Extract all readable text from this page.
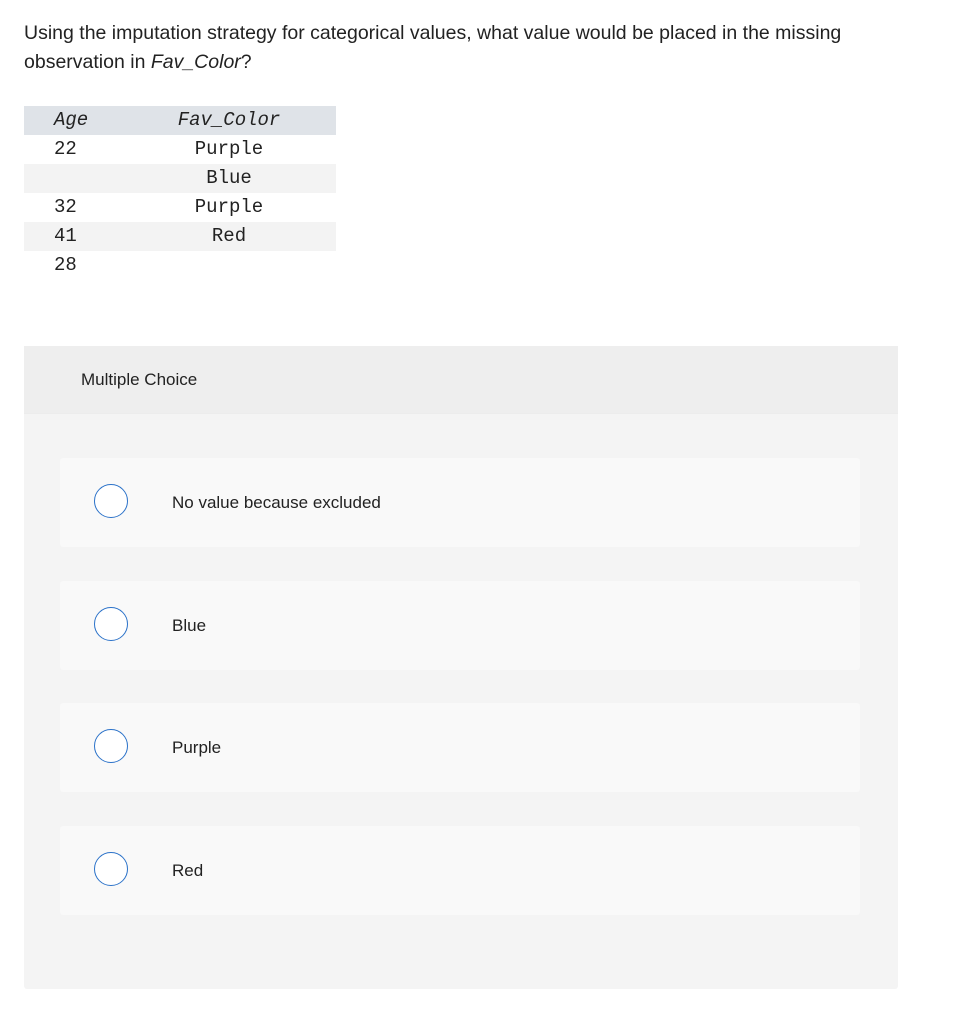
Using the imputation strategy for categorical values, what value would be placed in the missing observation in Fav_Color?
Age	Fav_Color
22	Purple
	Blue
32	Purple
41	Red
28	
Multiple Choice
No value because excluded
Blue
Purple
Red
